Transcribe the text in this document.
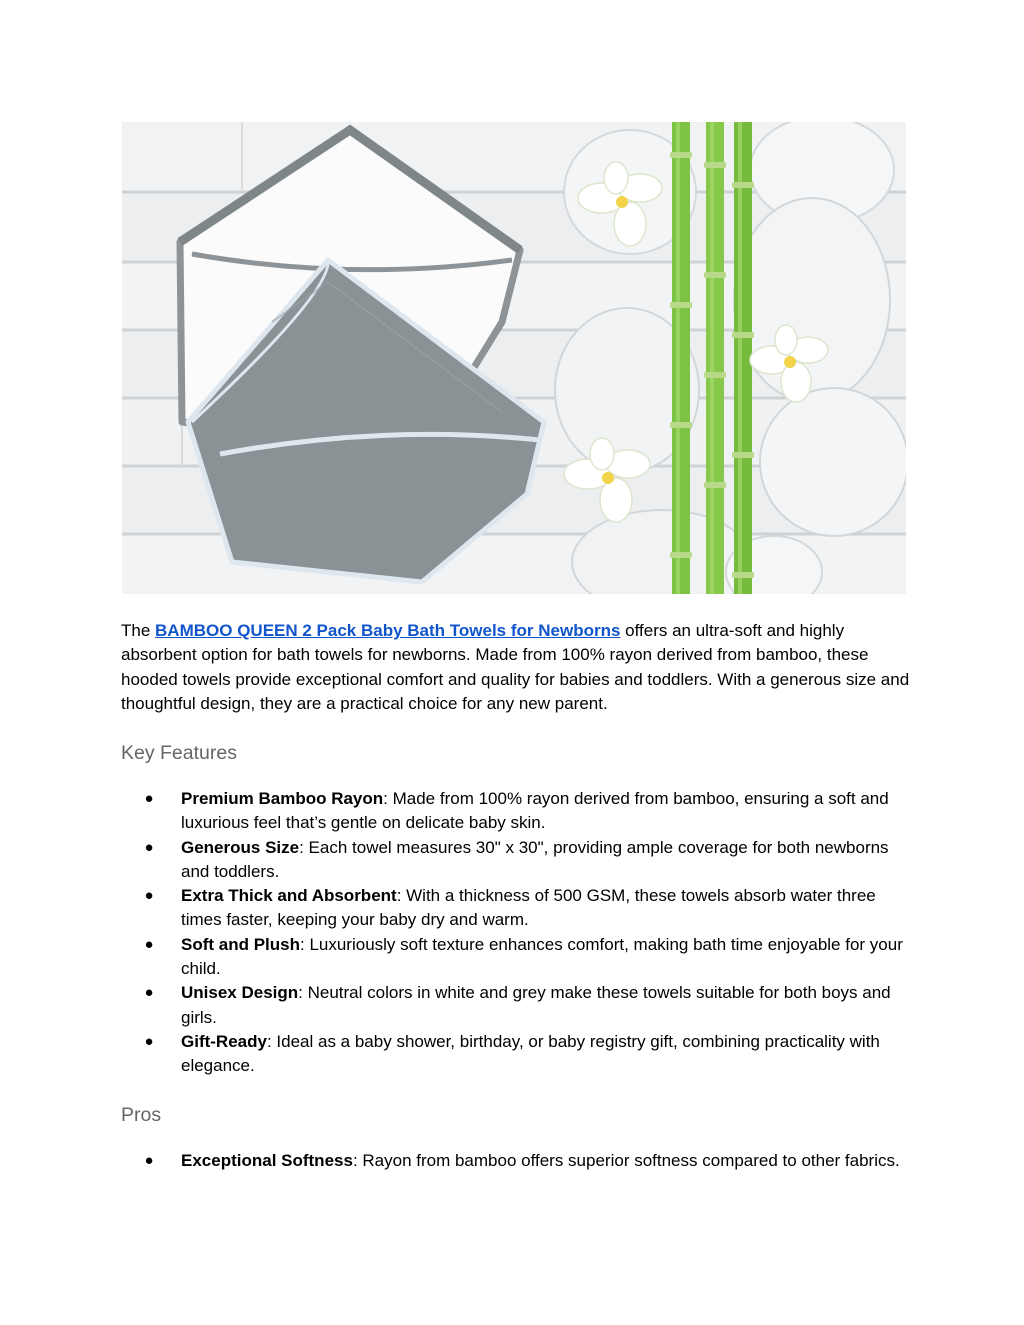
The BAMBOO QUEEN 2 Pack Baby Bath Towels for Newborns offers an ultra-soft and highly absorbent option for bath towels for newborns. Made from 100% rayon derived from bamboo, these hooded towels provide exceptional comfort and quality for babies and toddlers. With a generous size and thoughtful design, they are a practical choice for any new parent.

Key Features
●	Premium Bamboo Rayon: Made from 100% rayon derived from bamboo, ensuring a soft and luxurious feel that’s gentle on delicate baby skin.
●	Generous Size: Each towel measures 30" x 30", providing ample coverage for both newborns and toddlers.
●	Extra Thick and Absorbent: With a thickness of 500 GSM, these towels absorb water three times faster, keeping your baby dry and warm.
●	Soft and Plush: Luxuriously soft texture enhances comfort, making bath time enjoyable for your child.
●	Unisex Design: Neutral colors in white and grey make these towels suitable for both boys and girls.
●	Gift-Ready: Ideal as a baby shower, birthday, or baby registry gift, combining practicality with elegance.
Pros
●	Exceptional Softness: Rayon from bamboo offers superior softness compared to other fabrics.
